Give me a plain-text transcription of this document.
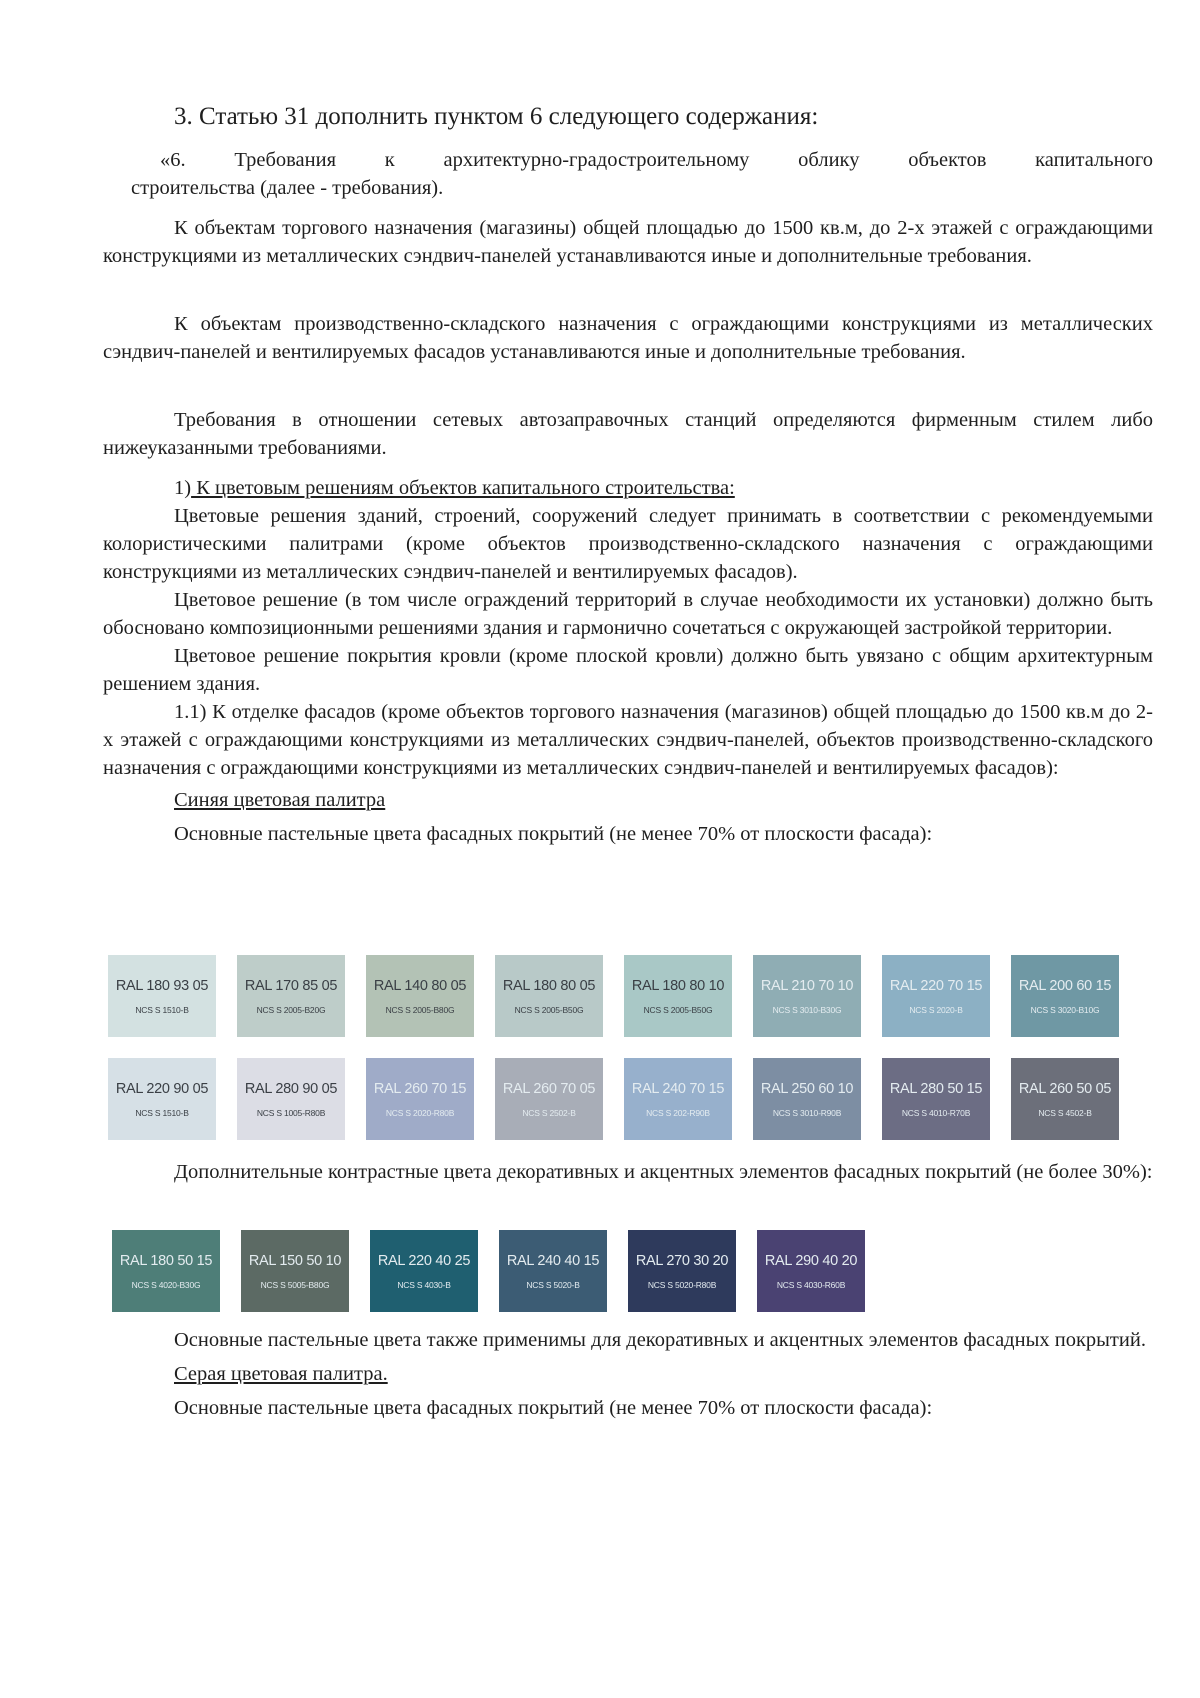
3. Статью 31 дополнить пунктом 6 следующего содержания:

«6. Требования к архитектурно-градостроительному облику объектов капитального

строительства (далее - требования).

К объектам торгового назначения (магазины) общей площадью до 1500 кв.м, до 2-х этажей с ограждающими конструкциями из металлических сэндвич-панелей устанавливаются иные и дополнительные требования.

К объектам производственно-складского назначения с ограждающими конструкциями из металлических сэндвич-панелей и вентилируемых фасадов устанавливаются иные и дополнительные требования.

Требования в отношении сетевых автозаправочных станций определяются фирменным стилем либо нижеуказанными требованиями.

1) К цветовым решениям объектов капитального строительства:

Цветовые решения зданий, строений, сооружений следует принимать в соответствии с рекомендуемыми колористическими палитрами (кроме объектов производственно-складского назначения с ограждающими конструкциями из металлических сэндвич-панелей и вентилируемых фасадов).

Цветовое решение (в том числе ограждений территорий в случае необходимости их установки) должно быть обосновано композиционными решениями здания и гармонично сочетаться с окружающей застройкой территории.

Цветовое решение покрытия кровли (кроме плоской кровли) должно быть увязано с общим архитектурным решением здания.

1.1) К отделке фасадов (кроме объектов торгового назначения (магазинов) общей площадью до 1500 кв.м до 2-х этажей с ограждающими конструкциями из металлических сэндвич-панелей, объектов производственно-складского назначения с ограждающими конструкциями из металлических сэндвич-панелей и вентилируемых фасадов):

Синяя цветовая палитра

Основные пастельные цвета фасадных покрытий (не менее 70% от плоскости фасада):

RAL 180 93 05
NCS S 1510-B
RAL 170 85 05
NCS S 2005-B20G
RAL 140 80 05
NCS S 2005-B80G
RAL 180 80 05
NCS S 2005-B50G
RAL 180 80 10
NCS S 2005-B50G
RAL 210 70 10
NCS S 3010-B30G
RAL 220 70 15
NCS S 2020-B
RAL 200 60 15
NCS S 3020-B10G
RAL 220 90 05
NCS S 1510-B
RAL 280 90 05
NCS S 1005-R80B
RAL 260 70 15
NCS S 2020-R80B
RAL 260 70 05
NCS S 2502-B
RAL 240 70 15
NCS S 202-R90B
RAL 250 60 10
NCS S 3010-R90B
RAL 280 50 15
NCS S 4010-R70B
RAL 260 50 05
NCS S 4502-B

Дополнительные контрастные цвета декоративных и акцентных элементов фасадных покрытий (не более 30%):

RAL 180 50 15
NCS S 4020-B30G
RAL 150 50 10
NCS S 5005-B80G
RAL 220 40 25
NCS S 4030-B
RAL 240 40 15
NCS S 5020-B
RAL 270 30 20
NCS S 5020-R80B
RAL 290 40 20
NCS S 4030-R60B

Основные пастельные цвета также применимы для декоративных и акцентных элементов фасадных покрытий.

Серая цветовая палитра.

Основные пастельные цвета фасадных покрытий (не менее 70% от плоскости фасада):
